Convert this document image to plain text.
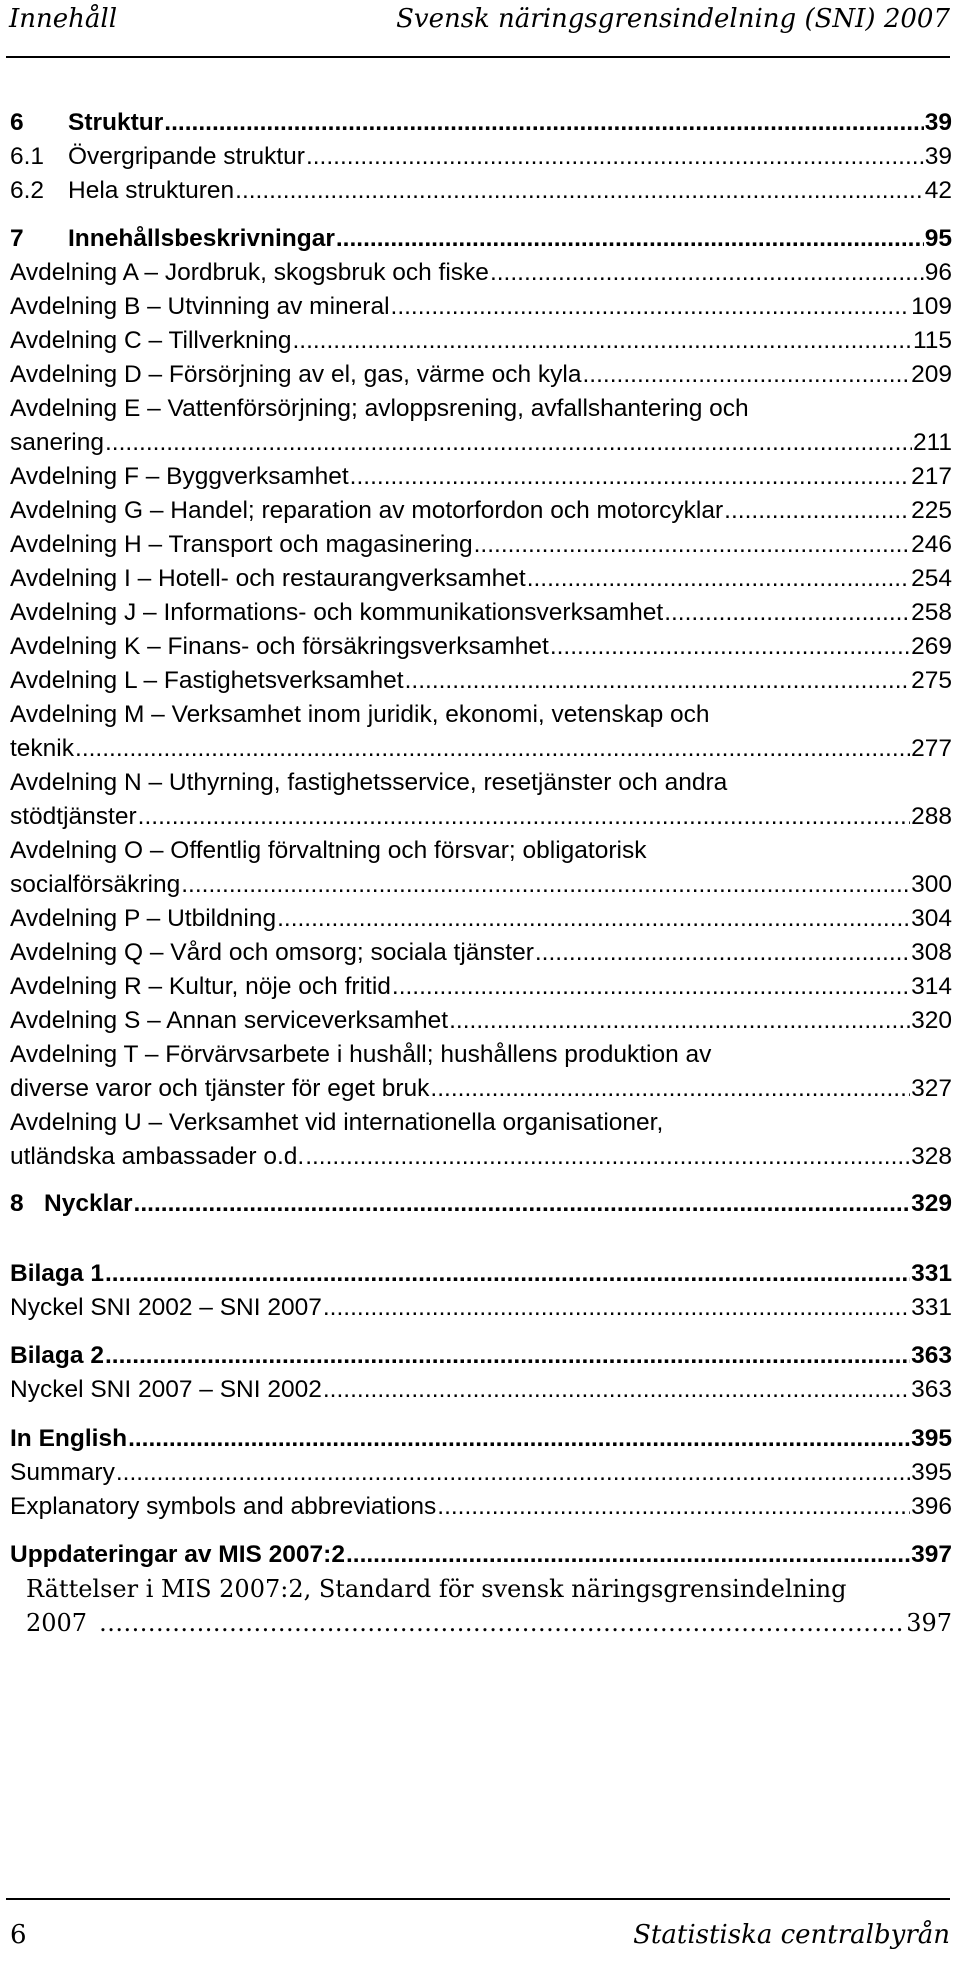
Innehåll	Svensk näringsgrensindelning (SNI) 2007
6 Struktur .....	39
6.1 Övergripande struktur .....	39
6.2 Hela strukturen .....	42
7 Innehållsbeskrivningar .....	95
Avdelning A – Jordbruk, skogsbruk och fiske .....	96
Avdelning B – Utvinning av mineral .....	109
Avdelning C – Tillverkning .....	115
Avdelning D – Försörjning av el, gas, värme och kyla .....	209
Avdelning E – Vattenförsörjning; avloppsrening, avfallshantering och
sanering .....	211
Avdelning F – Byggverksamhet .....	217
Avdelning G – Handel; reparation av motorfordon och motorcyklar .....	225
Avdelning H – Transport och magasinering .....	246
Avdelning I – Hotell- och restaurangverksamhet .....	254
Avdelning J – Informations- och kommunikationsverksamhet .....	258
Avdelning K – Finans- och försäkringsverksamhet .....	269
Avdelning L – Fastighetsverksamhet .....	275
Avdelning M – Verksamhet inom juridik, ekonomi, vetenskap och
teknik .....	277
Avdelning N – Uthyrning, fastighetsservice, resetjänster och andra
stödtjänster .....	288
Avdelning O – Offentlig förvaltning och försvar; obligatorisk
socialförsäkring .....	300
Avdelning P – Utbildning .....	304
Avdelning Q – Vård och omsorg; sociala tjänster .....	308
Avdelning R – Kultur, nöje och fritid .....	314
Avdelning S – Annan serviceverksamhet .....	320
Avdelning T – Förvärvsarbete i hushåll; hushållens produktion av
diverse varor och tjänster för eget bruk .....	327
Avdelning U – Verksamhet vid internationella organisationer,
utländska ambassader o.d. .....	328
8 Nycklar .....	329
Bilaga 1 .....	331
Nyckel SNI 2002 – SNI 2007 .....	331
Bilaga 2 .....	363
Nyckel SNI 2007 – SNI 2002 .....	363
In English .....	395
Summary .....	395
Explanatory symbols and abbreviations .....	396
Uppdateringar av MIS 2007:2 .....	397
Rättelser i MIS 2007:2, Standard för svensk näringsgrensindelning
2007 .....	397
6	Statistiska centralbyrån
